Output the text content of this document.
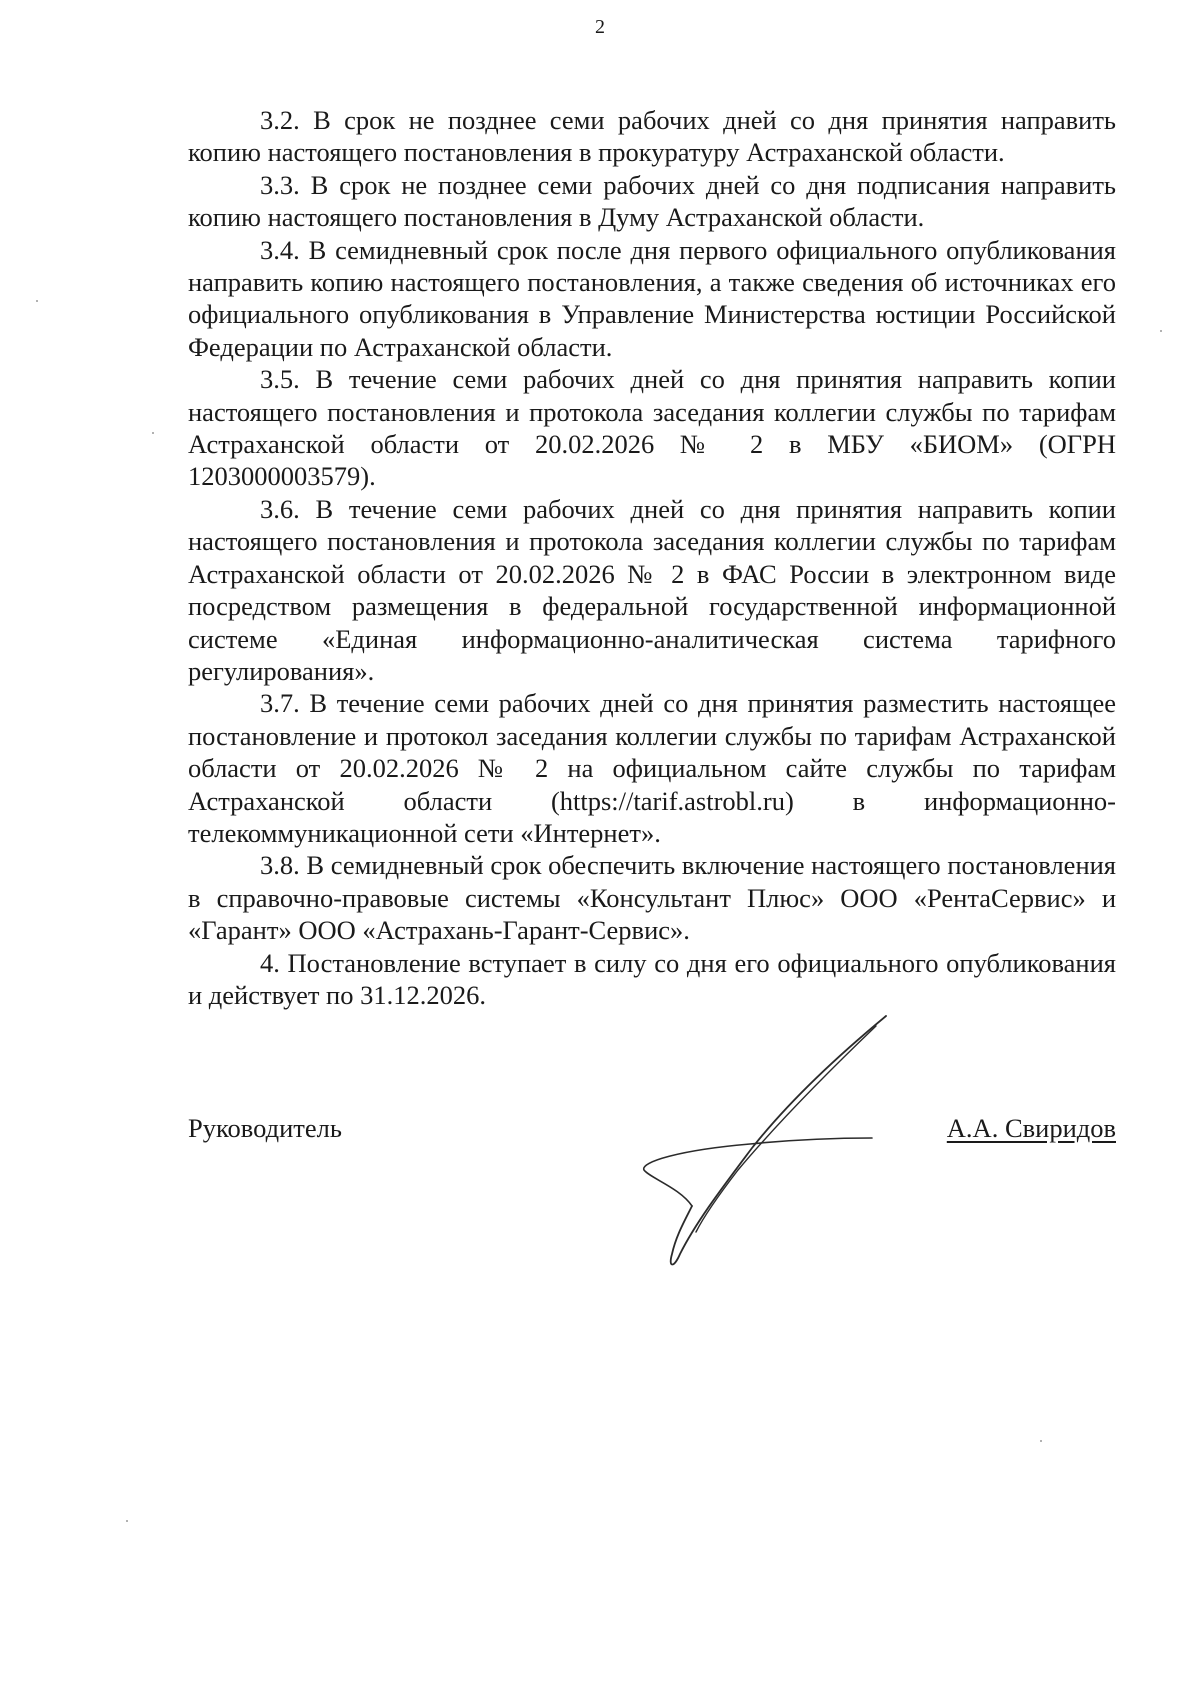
2

3.2. В срок не позднее семи рабочих дней со дня принятия направить копию настоящего постановления в прокуратуру Астраханской области.

3.3. В срок не позднее семи рабочих дней со дня подписания направить копию настоящего постановления в Думу Астраханской области.

3.4. В семидневный срок после дня первого официального опубликования направить копию настоящего постановления, а также сведения об источниках его официального опубликования в Управление Министерства юстиции Российской Федерации по Астраханской области.

3.5. В течение семи рабочих дней со дня принятия направить копии настоящего постановления и протокола заседания коллегии службы по тарифам Астраханской области от 20.02.2026 № 2 в МБУ «БИОМ» (ОГРН 1203000003579).

3.6. В течение семи рабочих дней со дня принятия направить копии настоящего постановления и протокола заседания коллегии службы по тарифам Астраханской области от 20.02.2026 № 2 в ФАС России в электронном виде посредством размещения в федеральной государственной информационной системе «Единая информационно-аналитическая система тарифного регулирования».

3.7. В течение семи рабочих дней со дня принятия разместить настоящее постановление и протокол заседания коллегии службы по тарифам Астраханской области от 20.02.2026 № 2 на официальном сайте службы по тарифам Астраханской области (https://tarif.astrobl.ru) в информационно-телекоммуникационной сети «Интернет».

3.8. В семидневный срок обеспечить включение настоящего постановления в справочно-правовые системы «Консультант Плюс» ООО «РентаСервис» и «Гарант» ООО «Астрахань-Гарант-Сервис».

4. Постановление вступает в силу со дня его официального опубликования и действует по 31.12.2026.

Руководитель	А.А. Свиридов
